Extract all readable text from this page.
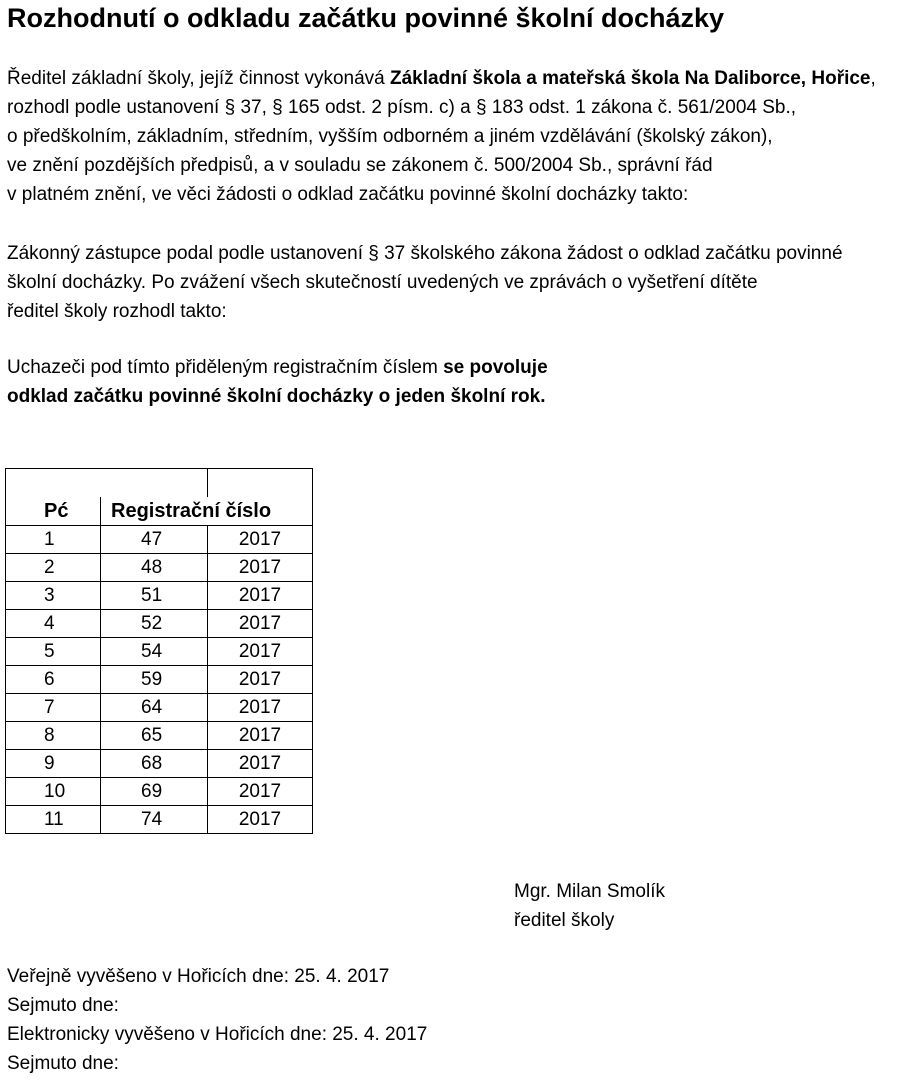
Rozhodnutí o odkladu začátku povinné školní docházky
Ředitel základní školy, jejíž činnost vykonává Základní škola a mateřská škola Na Daliborce, Hořice,
rozhodl podle ustanovení § 37, § 165 odst. 2 písm. c) a § 183 odst. 1 zákona č. 561/2004 Sb.,
o předškolním, základním, středním, vyšším odborném a jiném vzdělávání (školský zákon),
ve znění pozdějších předpisů, a v souladu se zákonem č. 500/2004 Sb., správní řád
v platném znění, ve věci žádosti o odklad začátku povinné školní docházky takto:
Zákonný zástupce podal podle ustanovení § 37 školského zákona žádost o odklad začátku povinné
školní docházky. Po zvážení všech skutečností uvedených ve zprávách o vyšetření dítěte
ředitel školy rozhodl takto:
Uchazeči pod tímto přiděleným registračním číslem se povoluje
odklad začátku povinné školní docházky o jeden školní rok.

Pć	Registrační číslo	
1	47	2017
2	48	2017
3	51	2017
4	52	2017
5	54	2017
6	59	2017
7	64	2017
8	65	2017
9	68	2017
10	69	2017
11	74	2017
Mgr. Milan Smolík
ředitel školy
Veřejně vyvěšeno v Hořicích dne: 25. 4. 2017
Sejmuto dne:
Elektronicky vyvěšeno v Hořicích dne: 25. 4. 2017
Sejmuto dne:
